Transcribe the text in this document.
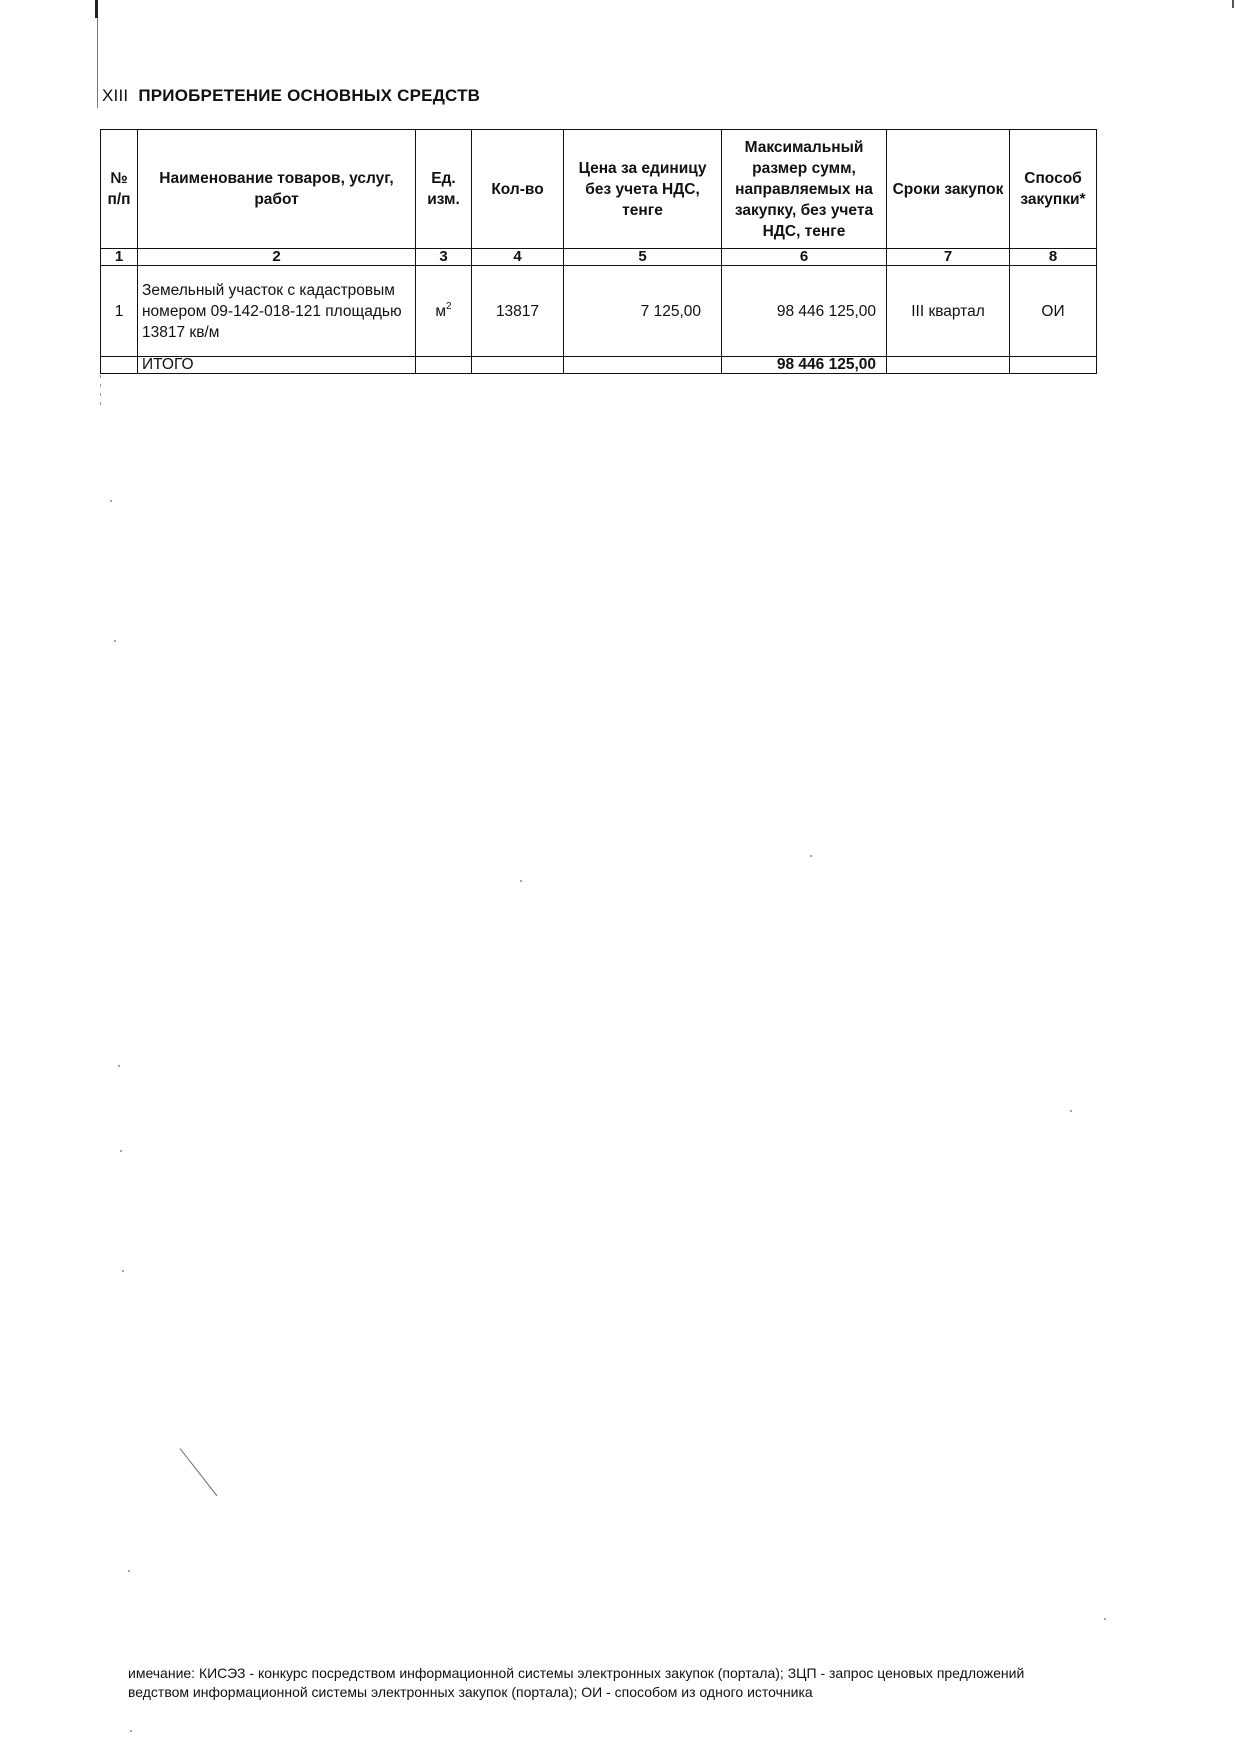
XIII ПРИОБРЕТЕНИЕ ОСНОВНЫХ СРЕДСТВ
№ п/п	Наименование товаров, услуг, работ	Ед. изм.	Кол-во	Цена за единицу без учета НДС, тенге	Максимальный размер сумм, направляемых на закупку, без учета НДС, тенге	Сроки закупок	Способ закупки*
1	2	3	4	5	6	7	8
1	Земельный участок с кадастровым номером 09-142-018-121 площадью 13817 кв/м	$м^2$	13817	7 125,00	98 446 125,00	III квартал	ОИ
	ИТОГО				98 446 125,00		
имечание: КИСЭЗ - конкурс посредством информационной системы электронных закупок (портала); ЗЦП - запрос ценовых предложений
ведством информационной системы электронных закупок (портала); ОИ - способом из одного источника
